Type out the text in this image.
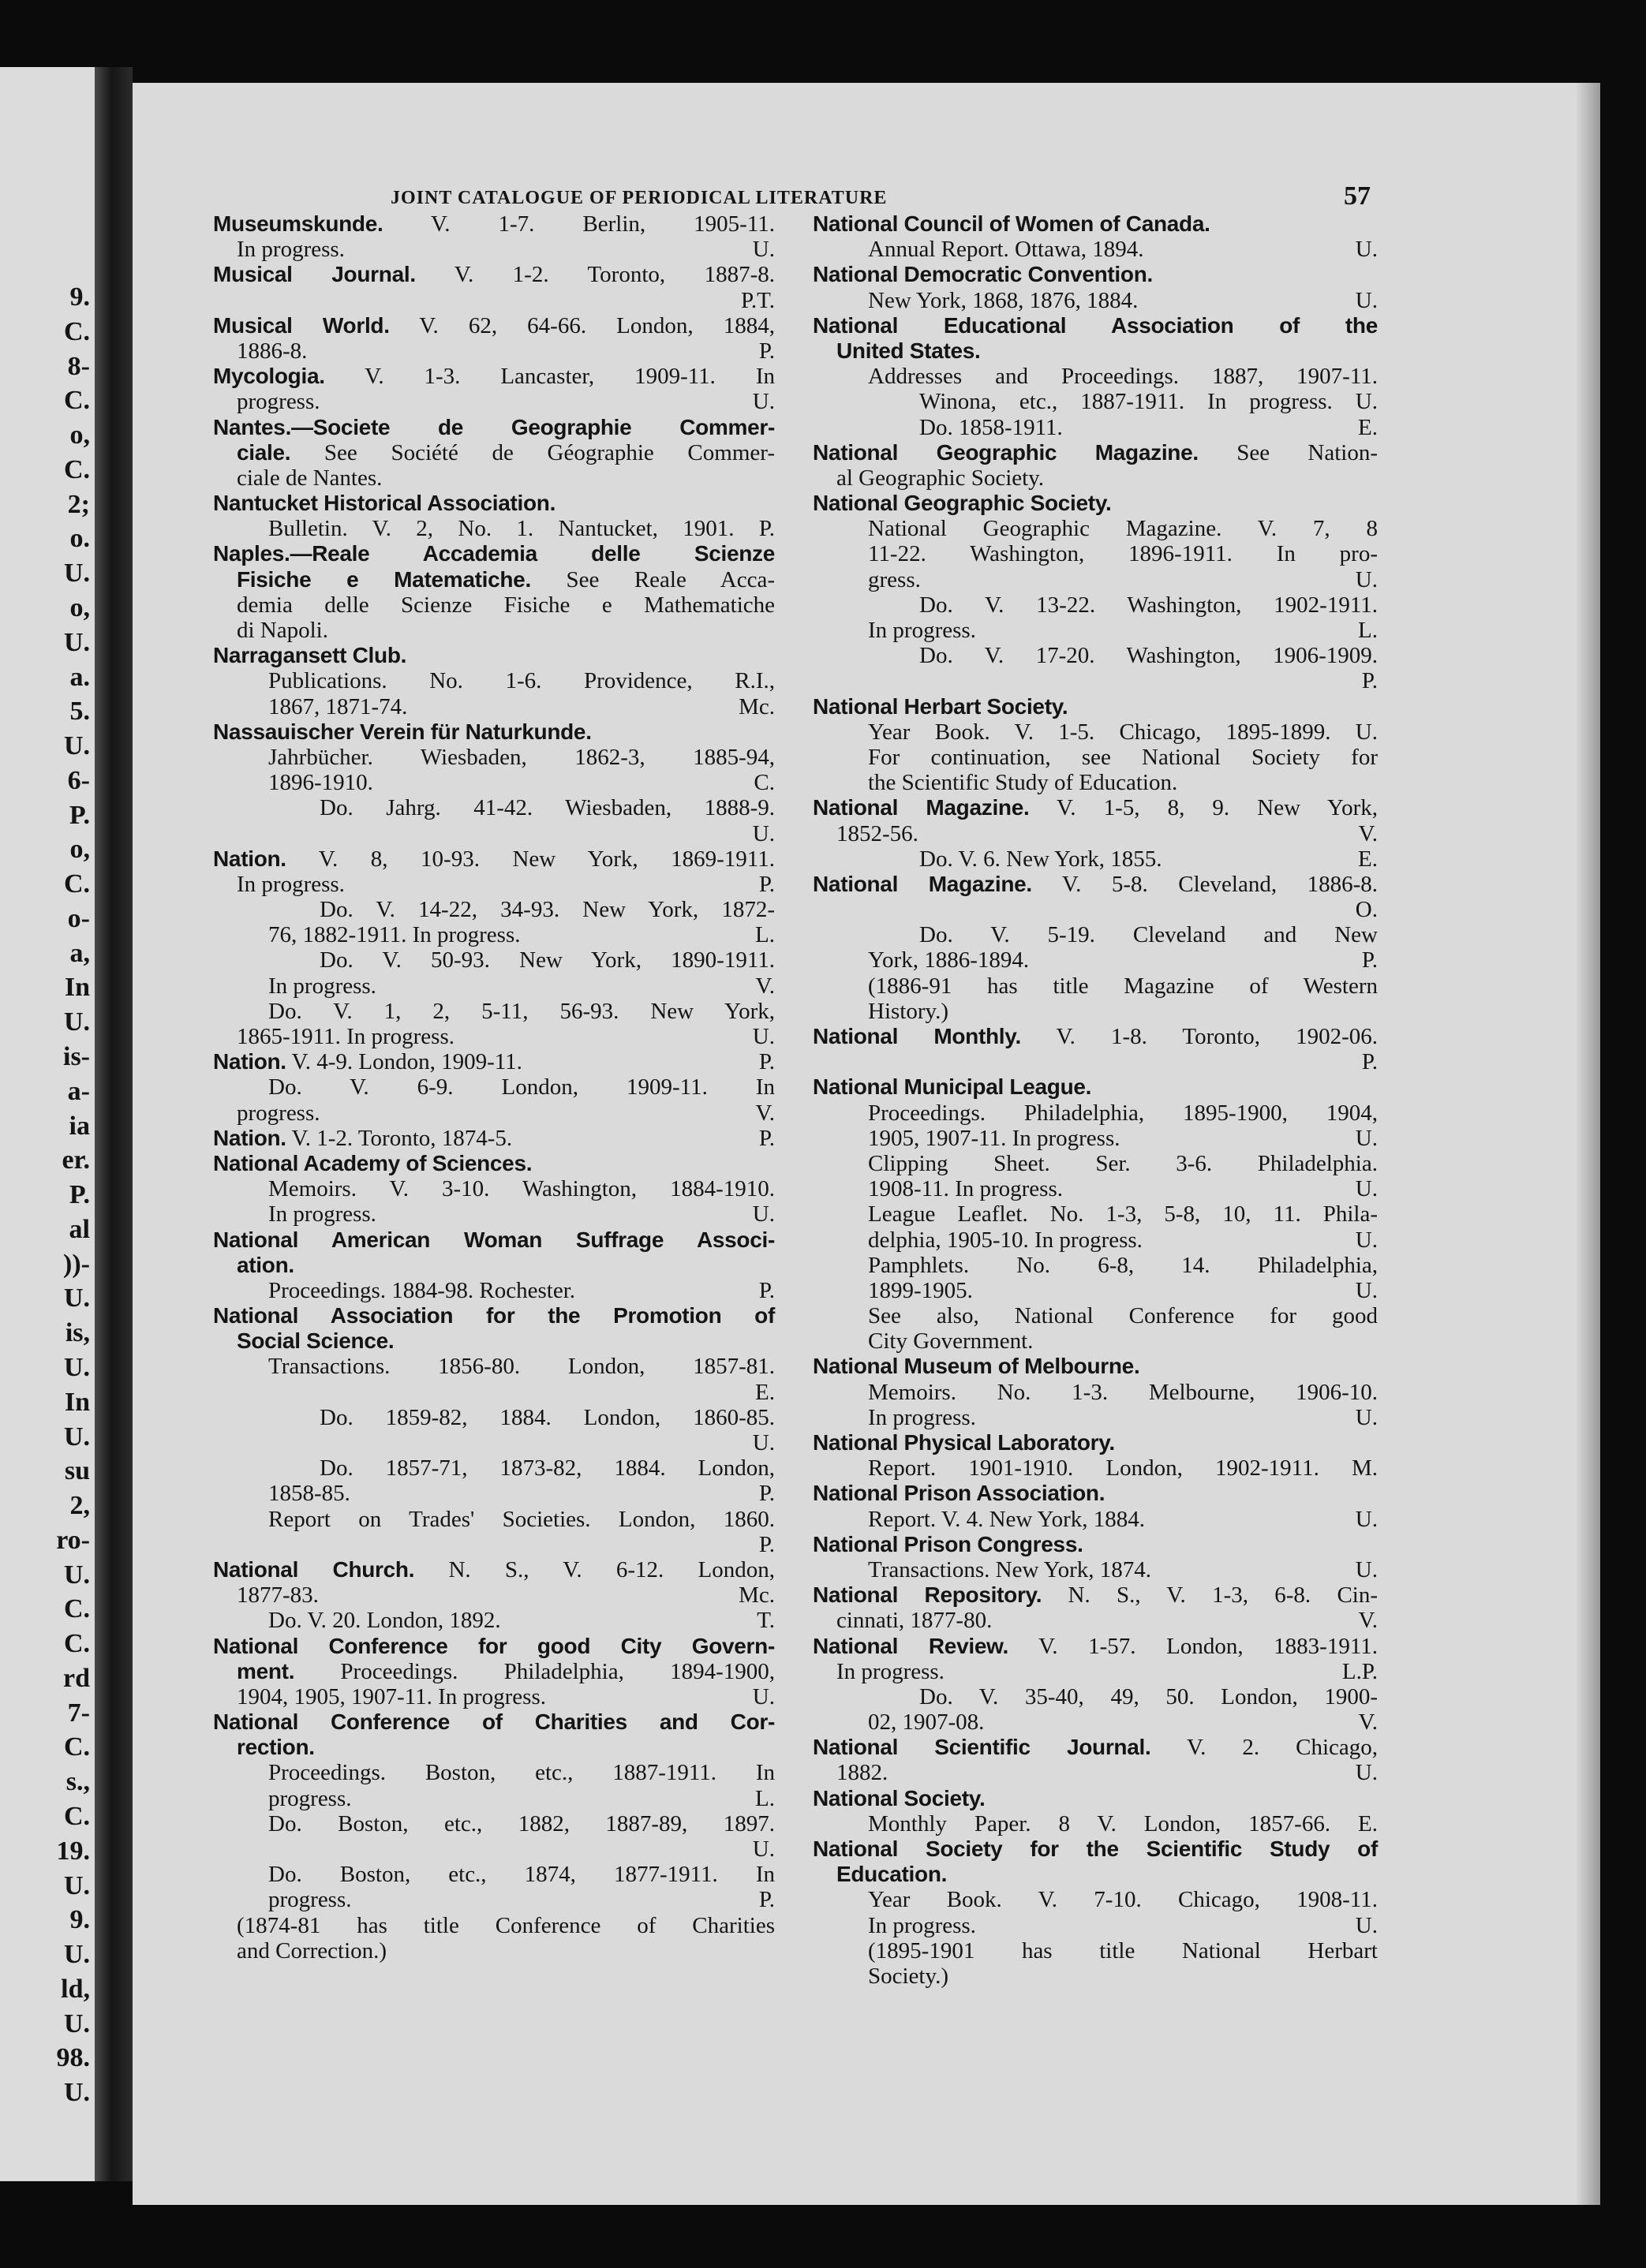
9.
C.
8-
C.
o,
C.
2;
o.
U.
o,
U.
a.
5.
U.
6-
P.
o,
C.
o-
a,
In
U.
is-
a-
ia
er.
P.
al
))-
U.
is,
U.
In
U.
su
2,
ro-
U.
C.
C.
rd
7-
C.
s.,
C.
19.
U.
9.
U.
ld,
U.
98.
U.
JOINT CATALOGUE OF PERIODICAL LITERATURE	57
Museumskunde. V. 1-7. Berlin, 1905-11.
In progress.	U.
Musical Journal. V. 1-2. Toronto, 1887-8.
P.T.
Musical World. V. 62, 64-66. London, 1884,
1886-8.	P.
Mycologia. V. 1-3. Lancaster, 1909-11. In
progress.	U.
Nantes.—Societe de Geographie Commer-
ciale. See Société de Géographie Commer-
ciale de Nantes.
Nantucket Historical Association.
Bulletin. V. 2, No. 1. Nantucket, 1901. P.
Naples.—Reale Accademia delle Scienze
Fisiche e Matematiche. See Reale Acca-
demia delle Scienze Fisiche e Mathematiche
di Napoli.
Narragansett Club.
Publications. No. 1-6. Providence, R.I.,
1867, 1871-74.	Mc.
Nassauischer Verein für Naturkunde.
Jahrbücher. Wiesbaden, 1862-3, 1885-94,
1896-1910.	C.
Do. Jahrg. 41-42. Wiesbaden, 1888-9.
U.
Nation. V. 8, 10-93. New York, 1869-1911.
In progress.	P.
Do. V. 14-22, 34-93. New York, 1872-
76, 1882-1911. In progress.	L.
Do. V. 50-93. New York, 1890-1911.
In progress.	V.
Do. V. 1, 2, 5-11, 56-93. New York,
1865-1911. In progress.	U.
Nation. V. 4-9. London, 1909-11.	P.
Do. V. 6-9. London, 1909-11. In
progress.	V.
Nation. V. 1-2. Toronto, 1874-5.	P.
National Academy of Sciences.
Memoirs. V. 3-10. Washington, 1884-1910.
In progress.	U.
National American Woman Suffrage Associ-
ation.
Proceedings. 1884-98. Rochester.	P.
National Association for the Promotion of
Social Science.
Transactions. 1856-80. London, 1857-81.
E.
Do. 1859-82, 1884. London, 1860-85.
U.
Do. 1857-71, 1873-82, 1884. London,
1858-85.	P.
Report on Trades' Societies. London, 1860.
P.
National Church. N. S., V. 6-12. London,
1877-83.	Mc.
Do. V. 20. London, 1892.	T.
National Conference for good City Govern-
ment. Proceedings. Philadelphia, 1894-1900,
1904, 1905, 1907-11. In progress.	U.
National Conference of Charities and Cor-
rection.
Proceedings. Boston, etc., 1887-1911. In
progress.	L.
Do. Boston, etc., 1882, 1887-89, 1897.
U.
Do. Boston, etc., 1874, 1877-1911. In
progress.	P.
(1874-81 has title Conference of Charities
and Correction.)
National Council of Women of Canada.
Annual Report. Ottawa, 1894.	U.
National Democratic Convention.
New York, 1868, 1876, 1884.	U.
National Educational Association of the
United States.
Addresses and Proceedings. 1887, 1907-11.
Winona, etc., 1887-1911. In progress. U.
Do. 1858-1911.	E.
National Geographic Magazine. See Nation-
al Geographic Society.
National Geographic Society.
National Geographic Magazine. V. 7, 8
11-22. Washington, 1896-1911. In pro-
gress.	U.
Do. V. 13-22. Washington, 1902-1911.
In progress.	L.
Do. V. 17-20. Washington, 1906-1909.
P.
National Herbart Society.
Year Book. V. 1-5. Chicago, 1895-1899. U.
For continuation, see National Society for
the Scientific Study of Education.
National Magazine. V. 1-5, 8, 9. New York,
1852-56.	V.
Do. V. 6. New York, 1855.	E.
National Magazine. V. 5-8. Cleveland, 1886-8.
O.
Do. V. 5-19. Cleveland and New
York, 1886-1894.	P.
(1886-91 has title Magazine of Western
History.)
National Monthly. V. 1-8. Toronto, 1902-06.
P.
National Municipal League.
Proceedings. Philadelphia, 1895-1900, 1904,
1905, 1907-11. In progress.	U.
Clipping Sheet. Ser. 3-6. Philadelphia.
1908-11. In progress.	U.
League Leaflet. No. 1-3, 5-8, 10, 11. Phila-
delphia, 1905-10. In progress.	U.
Pamphlets. No. 6-8, 14. Philadelphia,
1899-1905.	U.
See also, National Conference for good
City Government.
National Museum of Melbourne.
Memoirs. No. 1-3. Melbourne, 1906-10.
In progress.	U.
National Physical Laboratory.
Report. 1901-1910. London, 1902-1911. M.
National Prison Association.
Report. V. 4. New York, 1884.	U.
National Prison Congress.
Transactions. New York, 1874.	U.
National Repository. N. S., V. 1-3, 6-8. Cin-
cinnati, 1877-80.	V.
National Review. V. 1-57. London, 1883-1911.
In progress.	L.P.
Do. V. 35-40, 49, 50. London, 1900-
02, 1907-08.	V.
National Scientific Journal. V. 2. Chicago,
1882.	U.
National Society.
Monthly Paper. 8 V. London, 1857-66. E.
National Society for the Scientific Study of
Education.
Year Book. V. 7-10. Chicago, 1908-11.
In progress.	U.
(1895-1901 has title National Herbart
Society.)
